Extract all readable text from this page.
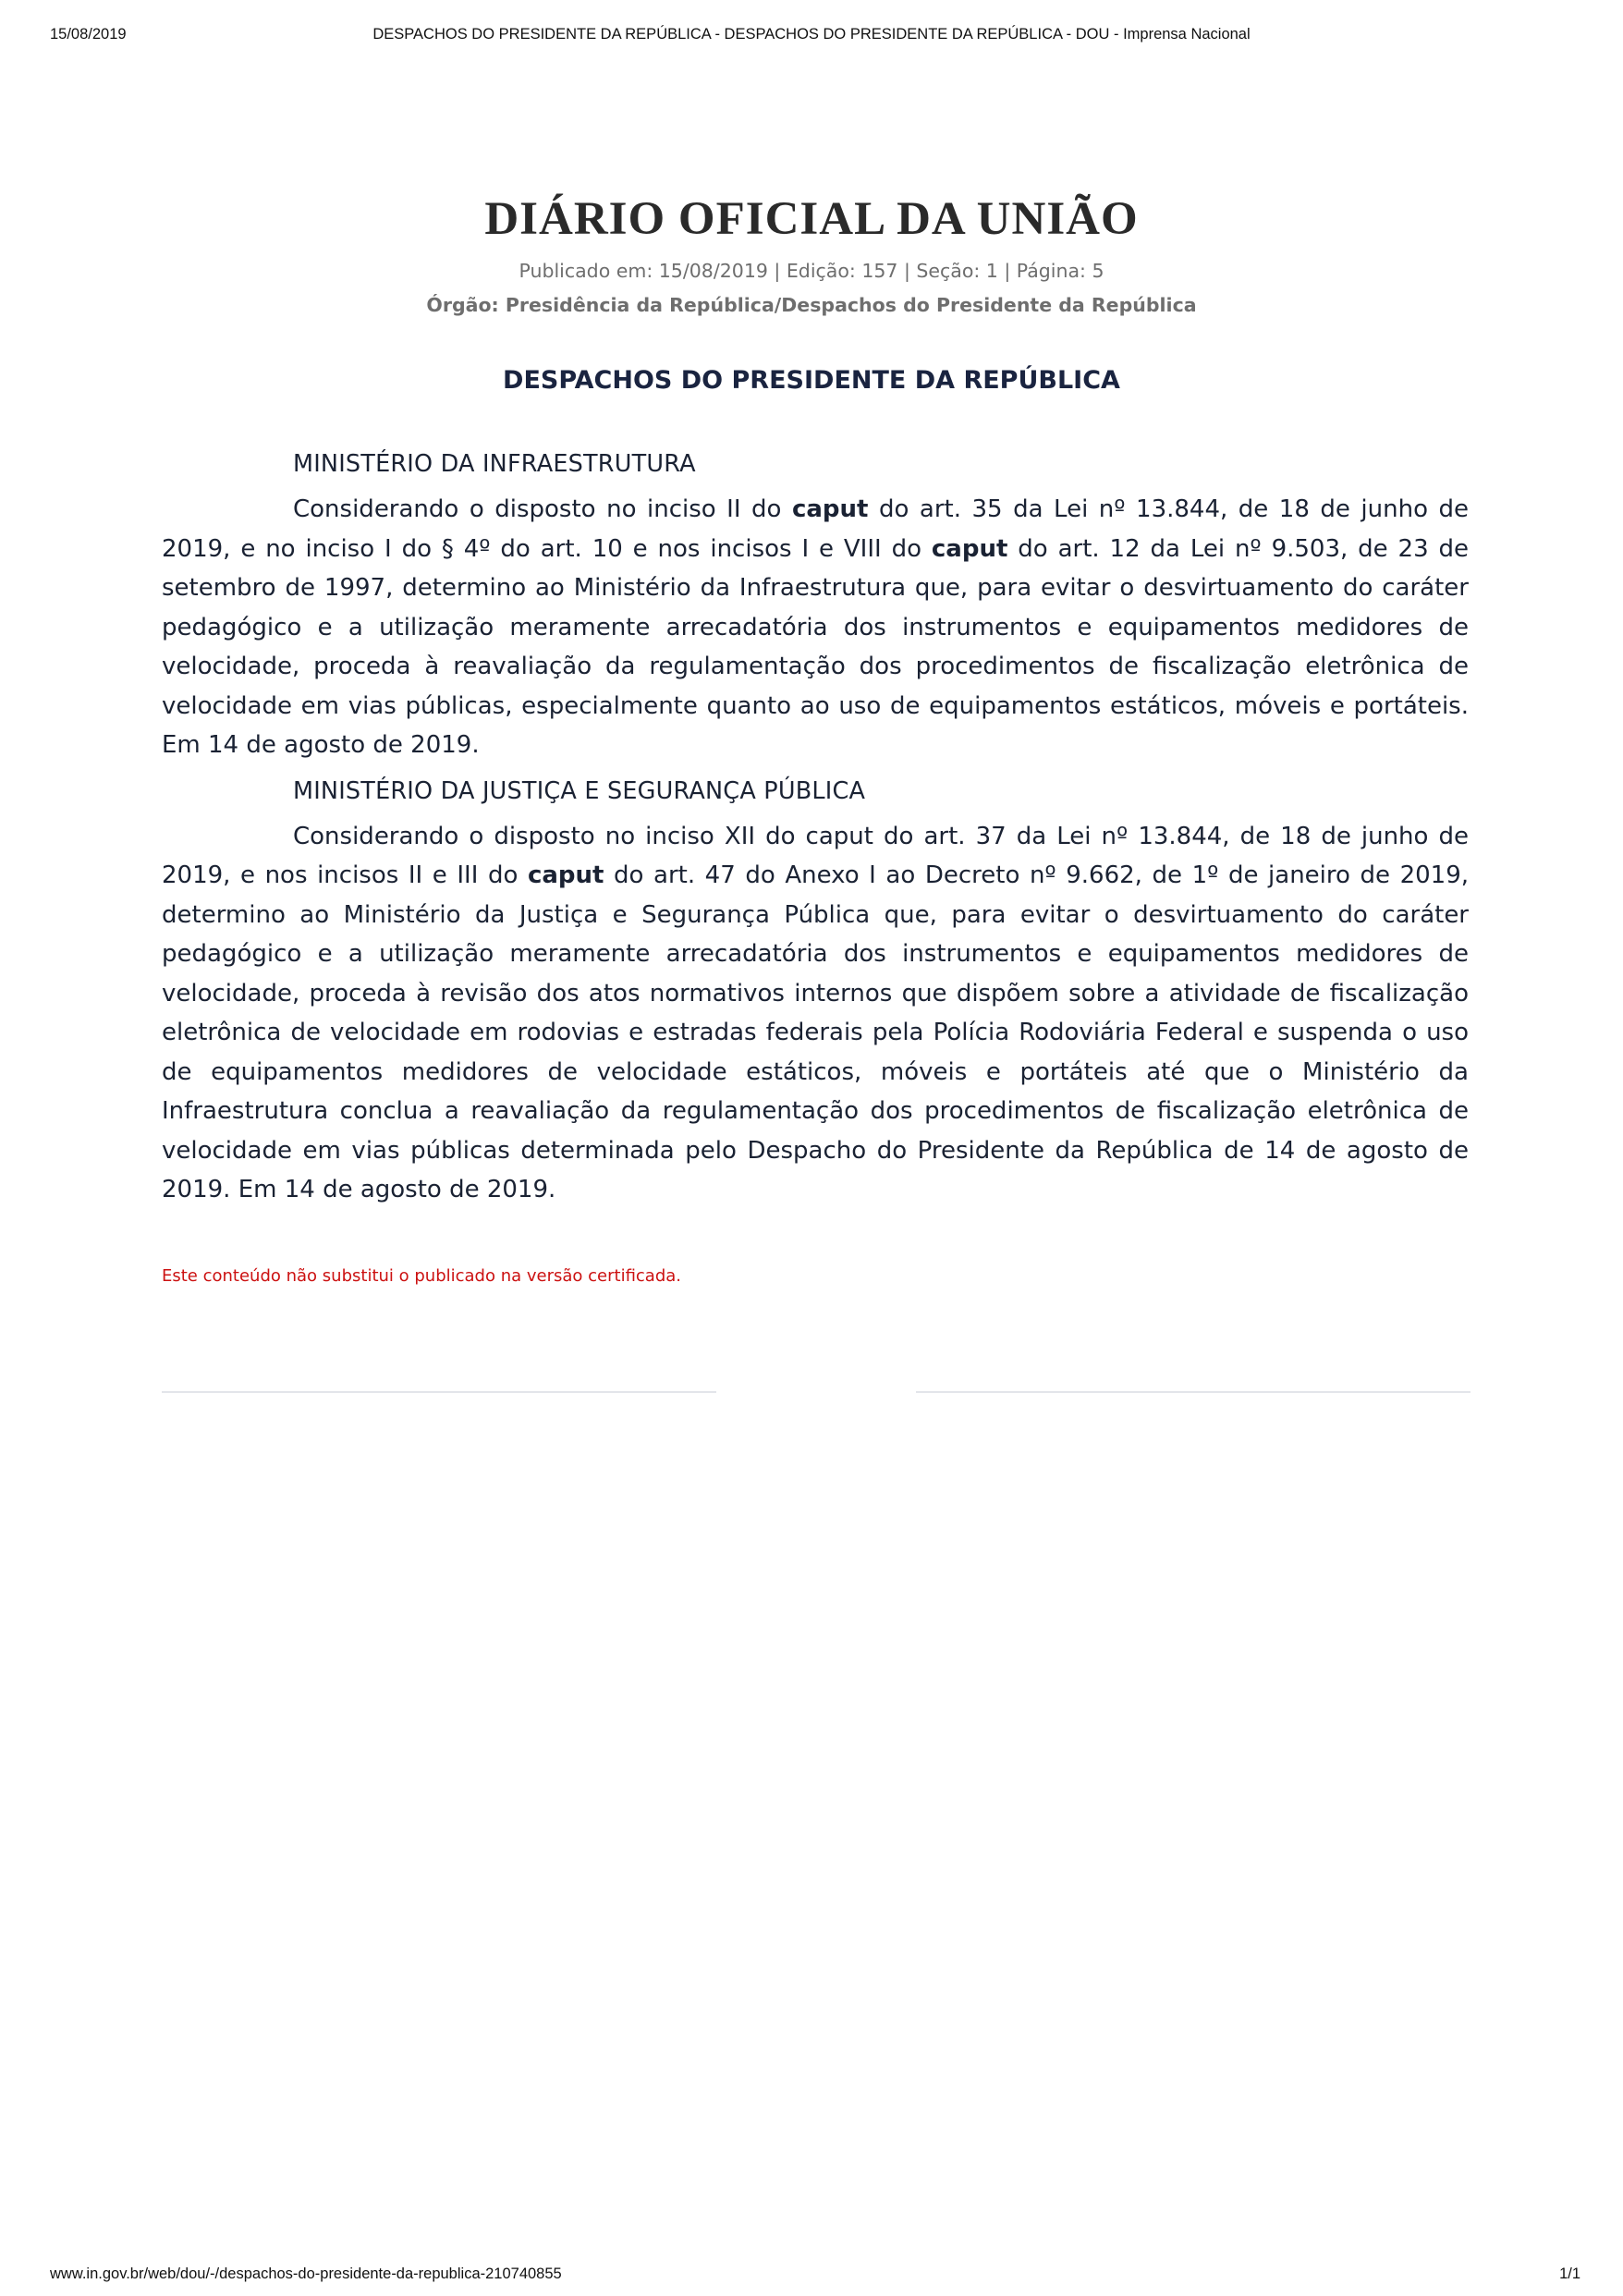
15/08/2019	DESPACHOS DO PRESIDENTE DA REPÚBLICA - DESPACHOS DO PRESIDENTE DA REPÚBLICA - DOU - Imprensa Nacional
DIÁRIO OFICIAL DA UNIÃO
Publicado em: 15/08/2019 | Edição: 157 | Seção: 1 | Página: 5
Órgão: Presidência da República/Despachos do Presidente da República
DESPACHOS DO PRESIDENTE DA REPÚBLICA

MINISTÉRIO DA INFRAESTRUTURA

Considerando o disposto no inciso II do caput do art. 35 da Lei nº 13.844, de 18 de junho de 2019, e no inciso I do § 4º do art. 10 e nos incisos I e VIII do caput do art. 12 da Lei nº 9.503, de 23 de setembro de 1997, determino ao Ministério da Infraestrutura que, para evitar o desvirtuamento do caráter pedagógico e a utilização meramente arrecadatória dos instrumentos e equipamentos medidores de velocidade, proceda à reavaliação da regulamentação dos procedimentos de fiscalização eletrônica de velocidade em vias públicas, especialmente quanto ao uso de equipamentos estáticos, móveis e portáteis. Em 14 de agosto de 2019.

MINISTÉRIO DA JUSTIÇA E SEGURANÇA PÚBLICA

Considerando o disposto no inciso XII do caput do art. 37 da Lei nº 13.844, de 18 de junho de 2019, e nos incisos II e III do caput do art. 47 do Anexo I ao Decreto nº 9.662, de 1º de janeiro de 2019, determino ao Ministério da Justiça e Segurança Pública que, para evitar o desvirtuamento do caráter pedagógico e a utilização meramente arrecadatória dos instrumentos e equipamentos medidores de velocidade, proceda à revisão dos atos normativos internos que dispõem sobre a atividade de fiscalização eletrônica de velocidade em rodovias e estradas federais pela Polícia Rodoviária Federal e suspenda o uso de equipamentos medidores de velocidade estáticos, móveis e portáteis até que o Ministério da Infraestrutura conclua a reavaliação da regulamentação dos procedimentos de fiscalização eletrônica de velocidade em vias públicas determinada pelo Despacho do Presidente da República de 14 de agosto de 2019. Em 14 de agosto de 2019.

Este conteúdo não substitui o publicado na versão certificada.
www.in.gov.br/web/dou/-/despachos-do-presidente-da-republica-210740855	1/1
